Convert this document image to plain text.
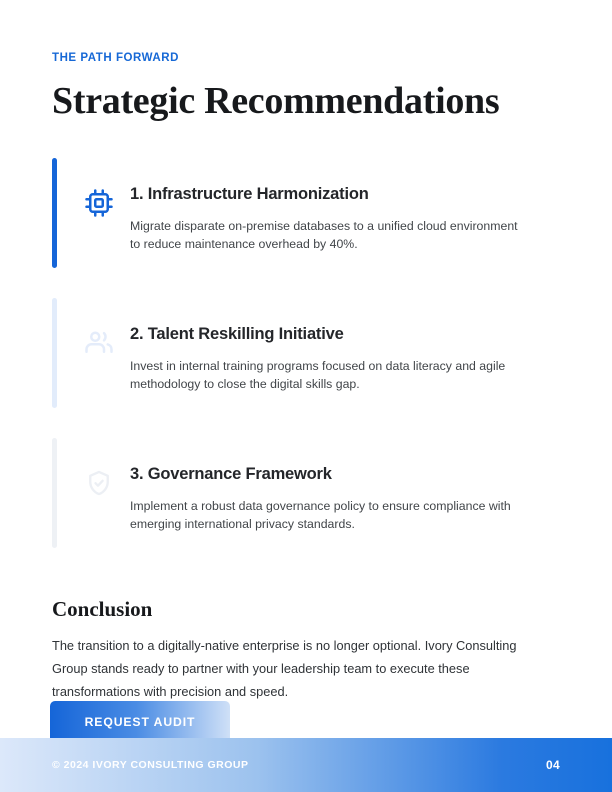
THE PATH FORWARD
Strategic Recommendations
1. Infrastructure Harmonization
Migrate disparate on-premise databases to a unified cloud environment to reduce maintenance overhead by 40%.
2. Talent Reskilling Initiative
Invest in internal training programs focused on data literacy and agile methodology to close the digital skills gap.
3. Governance Framework
Implement a robust data governance policy to ensure compliance with emerging international privacy standards.
Conclusion
The transition to a digitally-native enterprise is no longer optional. Ivory Consulting Group stands ready to partner with your leadership team to execute these transformations with precision and speed.
REQUEST AUDIT
© 2024 IVORY CONSULTING GROUP	04
